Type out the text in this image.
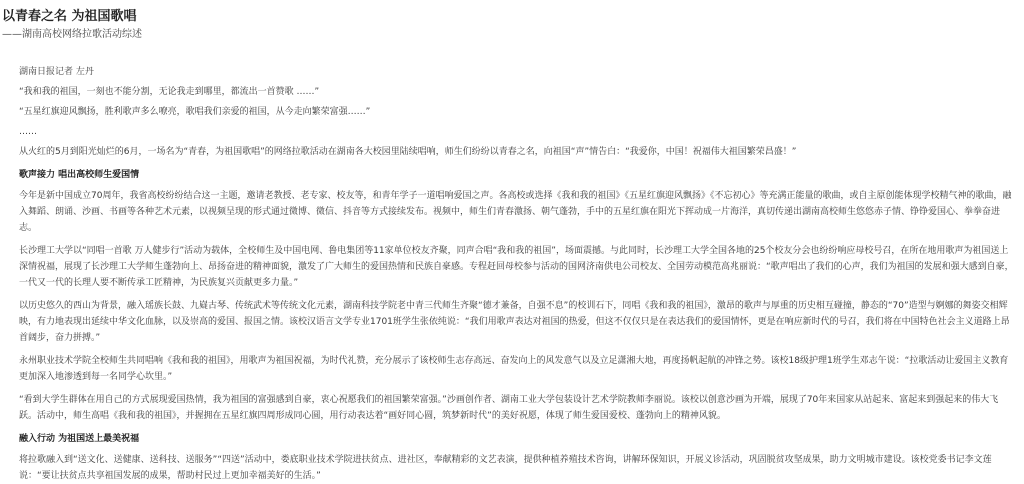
以青春之名 为祖国歌唱
——湖南高校网络拉歌活动综述

湖南日报记者 左丹

“我和我的祖国，一刻也不能分割，无论我走到哪里，都流出一首赞歌 ……”

“五星红旗迎风飘扬，胜利歌声多么嘹亮，歌唱我们亲爱的祖国，从今走向繁荣富强……”

……

从火红的5月到阳光灿烂的6月，一场名为“青春，为祖国歌唱”的网络拉歌活动在湖南各大校园里陆续唱响，师生们纷纷以青春之名，向祖国“声”情告白：“我爱你，中国！祝福伟大祖国繁荣昌盛！”

歌声接力 唱出高校师生爱国情

今年是新中国成立70周年，我省高校纷纷结合这一主题，邀请老教授、老专家、校友等，和青年学子一道唱响爱国之声。各高校或选择《我和我的祖国》《五星红旗迎风飘扬》《不忘初心》等充满正能量的歌曲，或自主原创能体现学校精气神的歌曲，融入舞蹈、朗诵、沙画、书画等各种艺术元素，以视频呈现的形式通过微博、微信、抖音等方式接续发布。视频中，师生们青春激扬、朝气蓬勃，手中的五星红旗在阳光下挥动成一片海洋，真切传递出湖南高校师生悠悠赤子情、铮铮爱国心、拳拳奋进志。

长沙理工大学以“同唱一首歌 万人健步行”活动为载体，全校师生及中国电网、鲁电集团等11家单位校友齐聚，同声合唱“我和我的祖国”，场面震撼。与此同时，长沙理工大学全国各地的25个校友分会也纷纷响应母校号召，在所在地用歌声为祖国送上深情祝福，展现了长沙理工大学师生蓬勃向上、昂扬奋进的精神面貌，激发了广大师生的爱国热情和民族自豪感。专程赶回母校参与活动的国网济南供电公司校友、全国劳动模范高兆丽说：“歌声唱出了我们的心声，我们为祖国的发展和强大感到自豪，一代又一代的长理人要不断传承工匠精神，为民族复兴贡献更多力量。”

以历史悠久的西山为背景，融入瑶族长鼓、九嶷古琴、传统武术等传统文化元素，湖南科技学院老中青三代师生齐聚“德才兼备，自强不息”的校训石下，同唱《我和我的祖国》，激昂的歌声与厚重的历史相互碰撞，静态的“70”造型与婀娜的舞姿交相辉映，有力地表现出延续中华文化血脉，以及崇高的爱国、报国之情。该校汉语言文学专业1701班学生张依纯说：“我们用歌声表达对祖国的热爱，但这不仅仅只是在表达我们的爱国情怀，更是在响应新时代的号召，我们将在中国特色社会主义道路上昂首阔步，奋力拼搏。”

永州职业技术学院全校师生共同唱响《我和我的祖国》，用歌声为祖国祝福，为时代礼赞，充分展示了该校师生志存高远、奋发向上的风发意气以及立足潇湘大地，再度扬帆起航的冲锋之势。该校18级护理1班学生邓志午说：“拉歌活动让爱国主义教育更加深入地渗透到每一名同学心坎里。”

“看到大学生群体在用自己的方式展现爱国热情，我为祖国的富强感到自豪，衷心祝愿我们的祖国繁荣富强。”沙画创作者、湖南工业大学包装设计艺术学院教师李丽说。该校以创意沙画为开端，展现了70年来国家从站起来、富起来到强起来的伟大飞跃。活动中，师生高唱《我和我的祖国》，并握拥在五星红旗四周形成同心圆，用行动表达着“画好同心圆，筑梦新时代”的美好祝愿，体现了师生爱国爱校、蓬勃向上的精神风貌。

融入行动 为祖国送上最美祝福

将拉歌融入到“送文化、送健康、送科技、送服务”“四送”活动中，娄底职业技术学院进扶贫点、进社区，奉献精彩的文艺表演，提供种植养殖技术咨询，讲解环保知识，开展义诊活动，巩固脱贫攻坚成果，助力文明城市建设。该校党委书记李文莲说：“要让扶贫点共享祖国发展的成果，帮助村民过上更加幸福美好的生活。”
